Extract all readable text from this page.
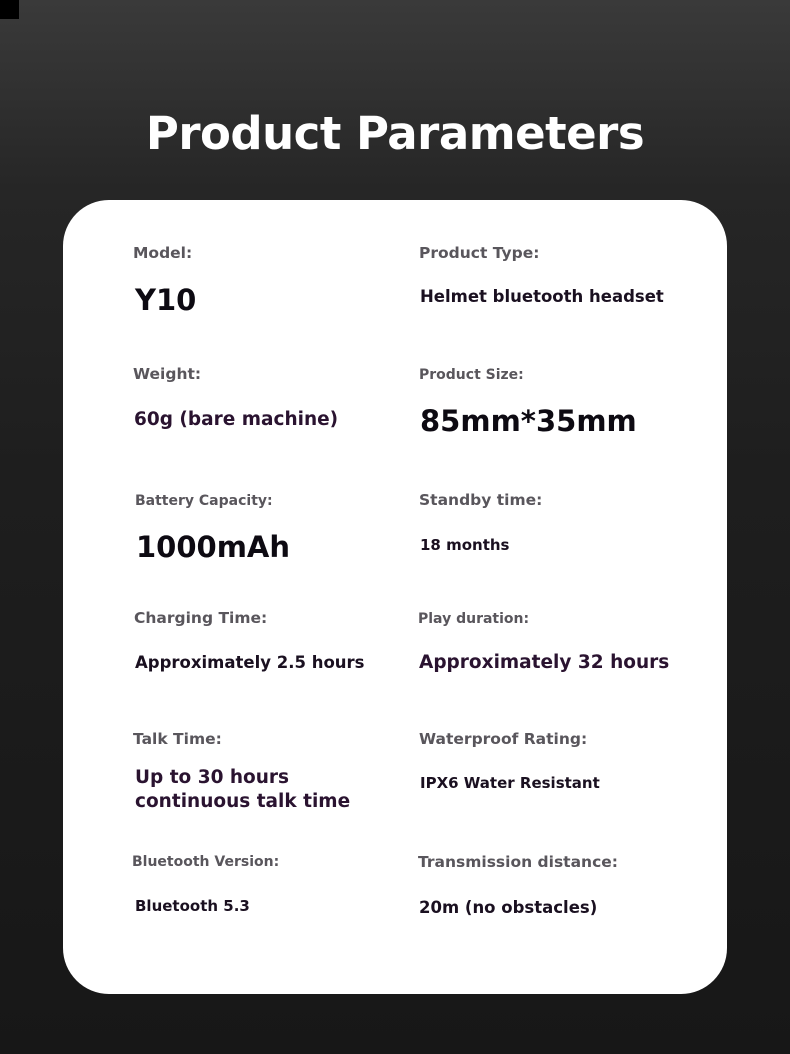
Product Parameters
Model:
Y10
Product Type:
Helmet bluetooth headset
Weight:
60g (bare machine)
Product Size:
85mm*35mm
Battery Capacity:
1000mAh
Standby time:
18 months
Charging Time:
Approximately 2.5 hours
Play duration:
Approximately 32 hours
Talk Time:
Up to 30 hours
continuous talk time
Waterproof Rating:
IPX6 Water Resistant
Bluetooth Version:
Bluetooth 5.3
Transmission distance:
20m (no obstacles)
